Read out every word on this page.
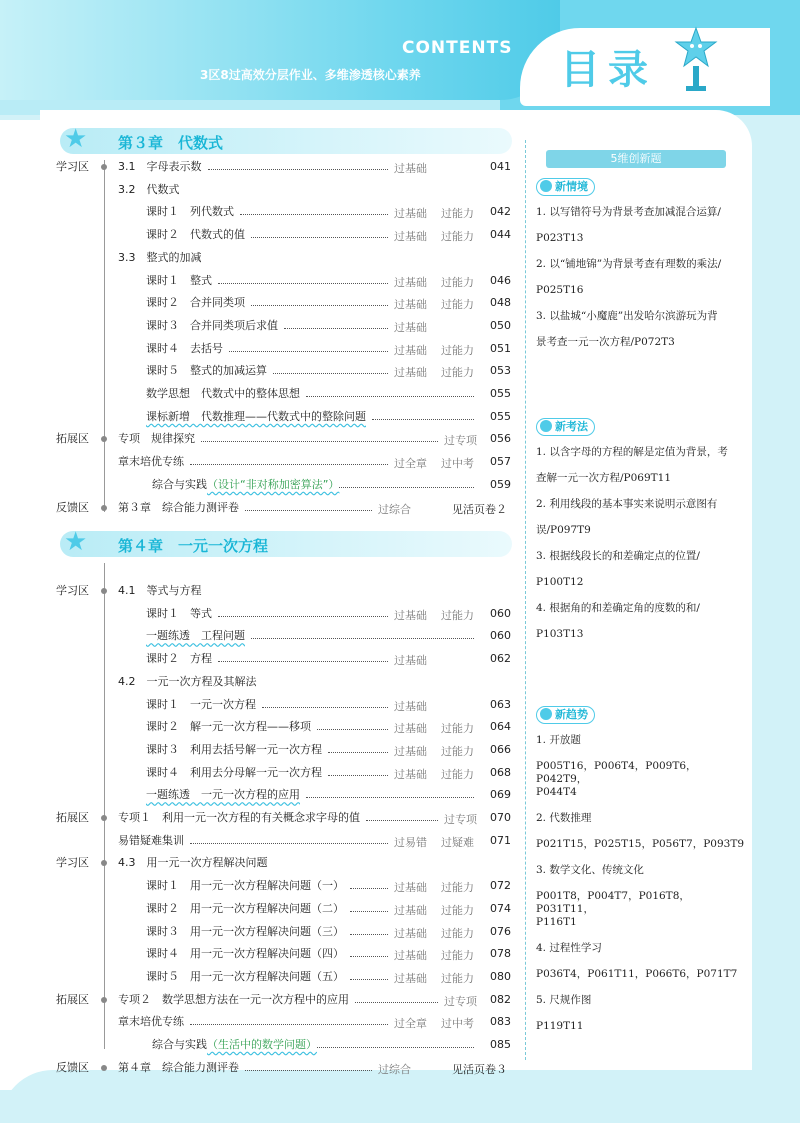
CONTENTS
3区8过高效分层作业、多维渗透核心素养	目录
★ 第３章　代数式
学习区	3.1　字母表示数	过基础	041
3.2　代数式
课时１　列代数式	过基础 过能力 042
课时２　代数式的值	过基础 过能力 044
3.3　整式的加减
课时１　整式	过基础 过能力 046
课时２　合并同类项	过基础 过能力 048
课时３　合并同类项后求值	过基础	050
课时４　去括号	过基础 过能力 051
课时５　整式的加减运算	过基础 过能力 053
数学思想　代数式中的整体思想	055
课标新增　代数推理——代数式中的整除问题	055
拓展区	专项　规律探究	过专项 056
章末培优专练	过全章 过中考 057
综合与实践（设计“非对称加密算法”）	059
反馈区	第３章　综合能力测评卷	过综合	见活页卷２
★ 第４章　一元一次方程
学习区	4.1　等式与方程
课时１　等式	过基础 过能力 060
一题练透　工程问题	060
课时２　方程	过基础	062
4.2　一元一次方程及其解法
课时１　一元一次方程	过基础	063
课时２　解一元一次方程——移项	过基础 过能力 064
课时３　利用去括号解一元一次方程	过基础 过能力 066
课时４　利用去分母解一元一次方程	过基础 过能力 068
一题练透　一元一次方程的应用	069
拓展区	专项１　利用一元一次方程的有关概念求字母的值	过专项 070
易错疑难集训	过易错 过疑难 071
学习区	4.3　用一元一次方程解决问题
课时１　用一元一次方程解决问题（一）	过基础 过能力 072
课时２　用一元一次方程解决问题（二）	过基础 过能力 074
课时３　用一元一次方程解决问题（三）	过基础 过能力 076
课时４　用一元一次方程解决问题（四）	过基础 过能力 078
课时５　用一元一次方程解决问题（五）	过基础 过能力 080
拓展区	专项２　数学思想方法在一元一次方程中的应用	过专项 082
章末培优专练	过全章 过中考 083
综合与实践（生活中的数学问题）	085
反馈区	第４章　综合能力测评卷	过综合	见活页卷３
5维创新题
新情境
1. 以写错符号为背景考查加减混合运算/
P023T13
2. 以“铺地锦”为背景考查有理数的乘法/
P025T16
3. 以盐城“小魔鹿”出发哈尔滨游玩为背
景考查一元一次方程/P072T3
新考法
1. 以含字母的方程的解是定值为背景，考
查解一元一次方程/P069T11
2. 利用线段的基本事实来说明示意图有
误/P097T9
3. 根据线段长的和差确定点的位置/
P100T12
4. 根据角的和差确定角的度数的和/
P103T13
新趋势
1. 开放题
P005T16，P006T4，P009T6，P042T9，
P044T4
2. 代数推理
P021T15，P025T15，P056T7，P093T9
3. 数学文化、传统文化
P001T8，P004T7，P016T8，P031T11，
P116T1
4. 过程性学习
P036T4，P061T11，P066T6，P071T7
5. 尺规作图
P119T11
